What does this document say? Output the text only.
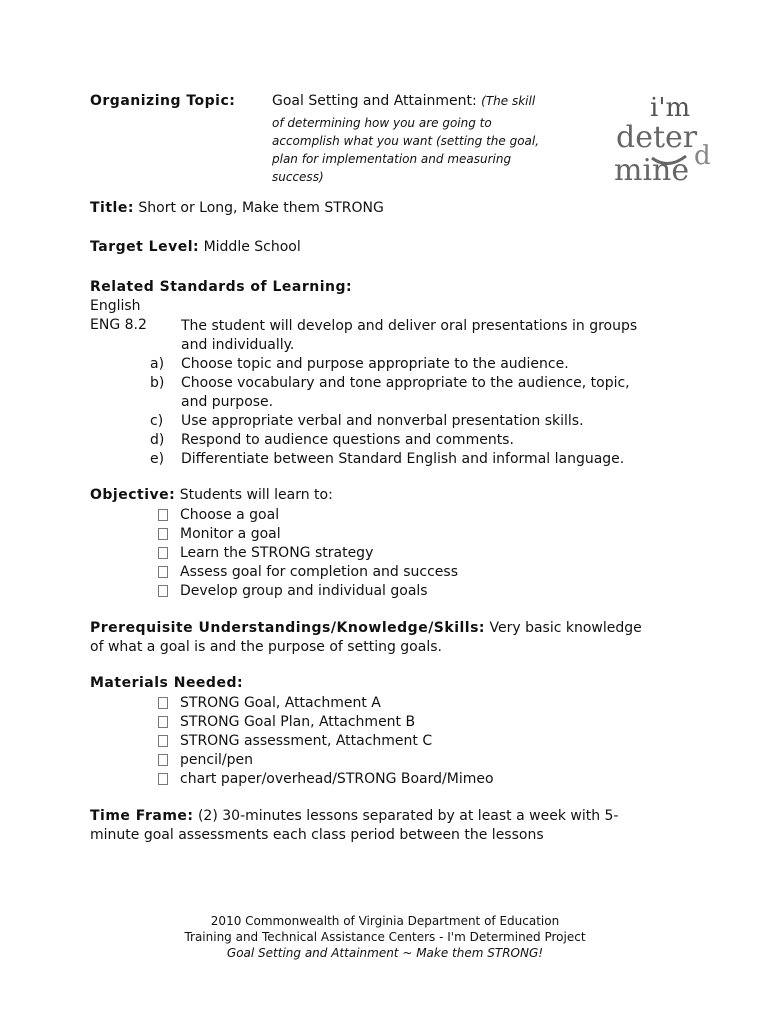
Organizing Topic:	Goal Setting and Attainment: (The skill
of determining how you are going to
accomplish what you want (setting the goal,
plan for implementation and measuring
success)
i'm
deter
mine d
Title: Short or Long, Make them STRONG
Target Level: Middle School
Related Standards of Learning:
English
ENG 8.2 The student will develop and deliver oral presentations in groups
and individually.
a)	Choose topic and purpose appropriate to the audience.
b)	Choose vocabulary and tone appropriate to the audience, topic,
and purpose.
c)	Use appropriate verbal and nonverbal presentation skills.
d)	Respond to audience questions and comments.
e)	Differentiate between Standard English and informal language.
Objective: Students will learn to:
Choose a goal
Monitor a goal
Learn the STRONG strategy
Assess goal for completion and success
Develop group and individual goals
Prerequisite Understandings/Knowledge/Skills: Very basic knowledge
of what a goal is and the purpose of setting goals.
Materials Needed:
STRONG Goal, Attachment A
STRONG Goal Plan, Attachment B
STRONG assessment, Attachment C
pencil/pen
chart paper/overhead/STRONG Board/Mimeo
Time Frame: (2) 30-minutes lessons separated by at least a week with 5-
minute goal assessments each class period between the lessons
2010 Commonwealth of Virginia Department of Education
Training and Technical Assistance Centers - I'm Determined Project
Goal Setting and Attainment ~ Make them STRONG!
